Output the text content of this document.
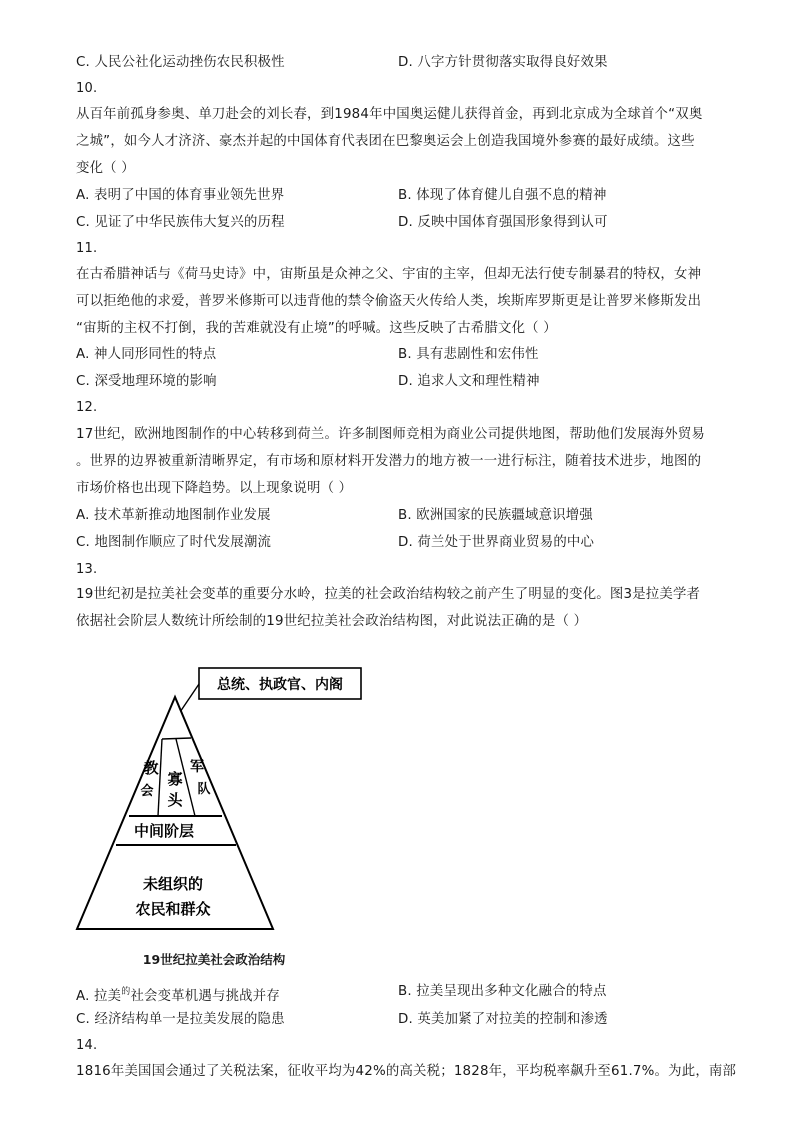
C. 人民公社化运动挫伤农民积极性	D. 八字方针贯彻落实取得良好效果
10.
从百年前孤身参奥、单刀赴会的刘长春，到1984年中国奥运健儿获得首金，再到北京成为全球首个“双奥
之城”，如今人才济济、豪杰并起的中国体育代表团在巴黎奥运会上创造我国境外参赛的最好成绩。这些
变化（ ）
A. 表明了中国的体育事业领先世界	B. 体现了体育健儿自强不息的精神
C. 见证了中华民族伟大复兴的历程	D. 反映中国体育强国形象得到认可
11.
在古希腊神话与《荷马史诗》中，宙斯虽是众神之父、宇宙的主宰，但却无法行使专制暴君的特权，女神
可以拒绝他的求爱，普罗米修斯可以违背他的禁令偷盗天火传给人类，埃斯库罗斯更是让普罗米修斯发出
“宙斯的主权不打倒，我的苦难就没有止境”的呼喊。这些反映了古希腊文化（ ）
A. 神人同形同性的特点	B. 具有悲剧性和宏伟性
C. 深受地理环境的影响	D. 追求人文和理性精神
12.
17世纪，欧洲地图制作的中心转移到荷兰。许多制图师竞相为商业公司提供地图，帮助他们发展海外贸易
。世界的边界被重新清晰界定，有市场和原材料开发潜力的地方被一一进行标注，随着技术进步，地图的
市场价格也出现下降趋势。以上现象说明（ ）
A. 技术革新推动地图制作业发展	B. 欧洲国家的民族疆域意识增强
C. 地图制作顺应了时代发展潮流	D. 荷兰处于世界商业贸易的中心
13.
19世纪初是拉美社会变革的重要分水岭，拉美的社会政治结构较之前产生了明显的变化。图3是拉美学者
依据社会阶层人数统计所绘制的19世纪拉美社会政治结构图，对此说法正确的是（ ）
总统、执政官、内阁
教
会
寡
头
军
队
中间阶层
未组织的
农民和群众
19世纪拉美社会政治结构
A. 拉美$^的$社会变革机遇与挑战并存	B. 拉美呈现出多种文化融合的特点
C. 经济结构单一是拉美发展的隐患	D. 英美加紧了对拉美的控制和渗透
14.
1816年美国国会通过了关税法案，征收平均为42%的高关税；1828年，平均税率飙升至61.7%。为此，南部
